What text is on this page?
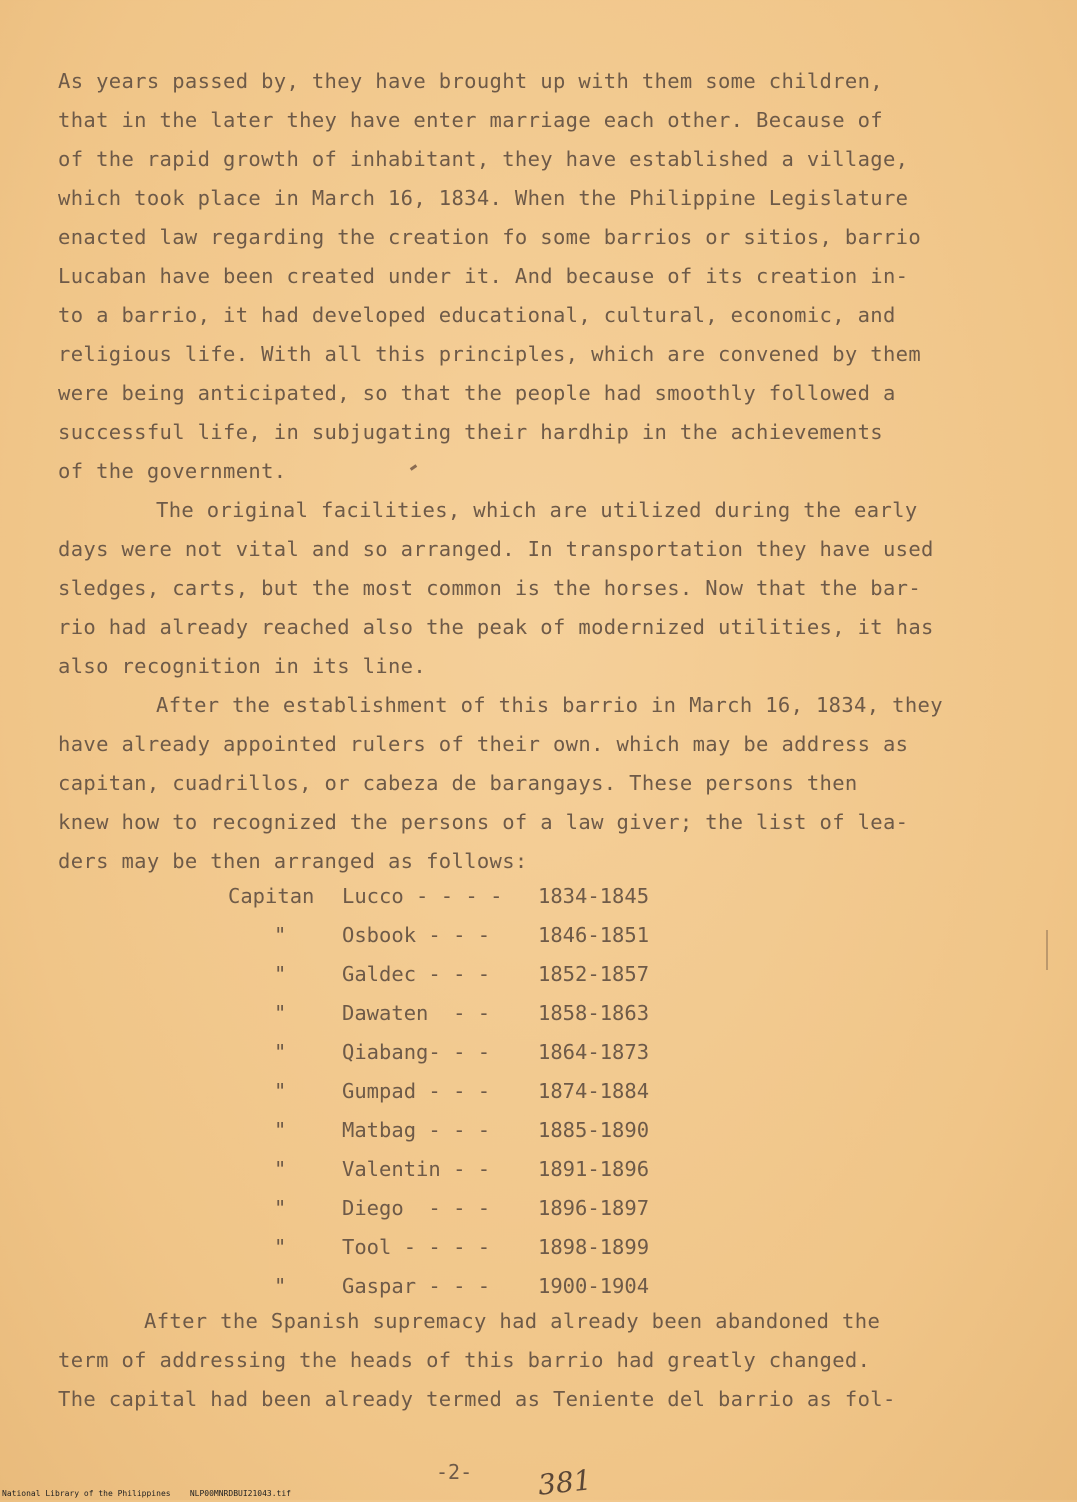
As years passed by, they have brought up with them some children,
that in the later they have enter marriage each other. Because of
of the rapid growth of inhabitant, they have established a village,
which took place in March 16, 1834. When the Philippine Legislature
enacted law regarding the creation fo some barrios or sitios, barrio
Lucaban have been created under it. And because of its creation in-
to a barrio, it had developed educational, cultural, economic, and
religious life. With all this principles, which are convened by them
were being anticipated, so that the people had smoothly followed a
successful life, in subjugating their hardhip in the achievements
of the government.
The original facilities, which are utilized during the early
days were not vital and so arranged. In transportation they have used
sledges, carts, but the most common is the horses. Now that the bar-
rio had already reached also the peak of modernized utilities, it has
also recognition in its line.
After the establishment of this barrio in March 16, 1834, they
have already appointed rulers of their own. which may be address as
capitan, cuadrillos, or cabeza de barangays. These persons then
knew how to recognized the persons of a law giver; the list of lea-
ders may be then arranged as follows:
Capitan Lucco - - - - 1834-1845
"	Osbook - - - 1846-1851
"	Galdec - - - 1852-1857
"	Dawaten  - - 1858-1863
"	Qiabang- - - 1864-1873
"	Gumpad - - - 1874-1884
"	Matbag - - - 1885-1890
"	Valentin - - 1891-1896
"	Diego  - - - 1896-1897
"	Tool - - - - 1898-1899
"	Gaspar - - - 1900-1904
After the Spanish supremacy had already been abandoned the
term of addressing the heads of this barrio had greatly changed.
The capital had been already termed as Teniente del barrio as fol-
-2- 381
National Library of the Philippines    NLP00MNRDBUI21043.tif
